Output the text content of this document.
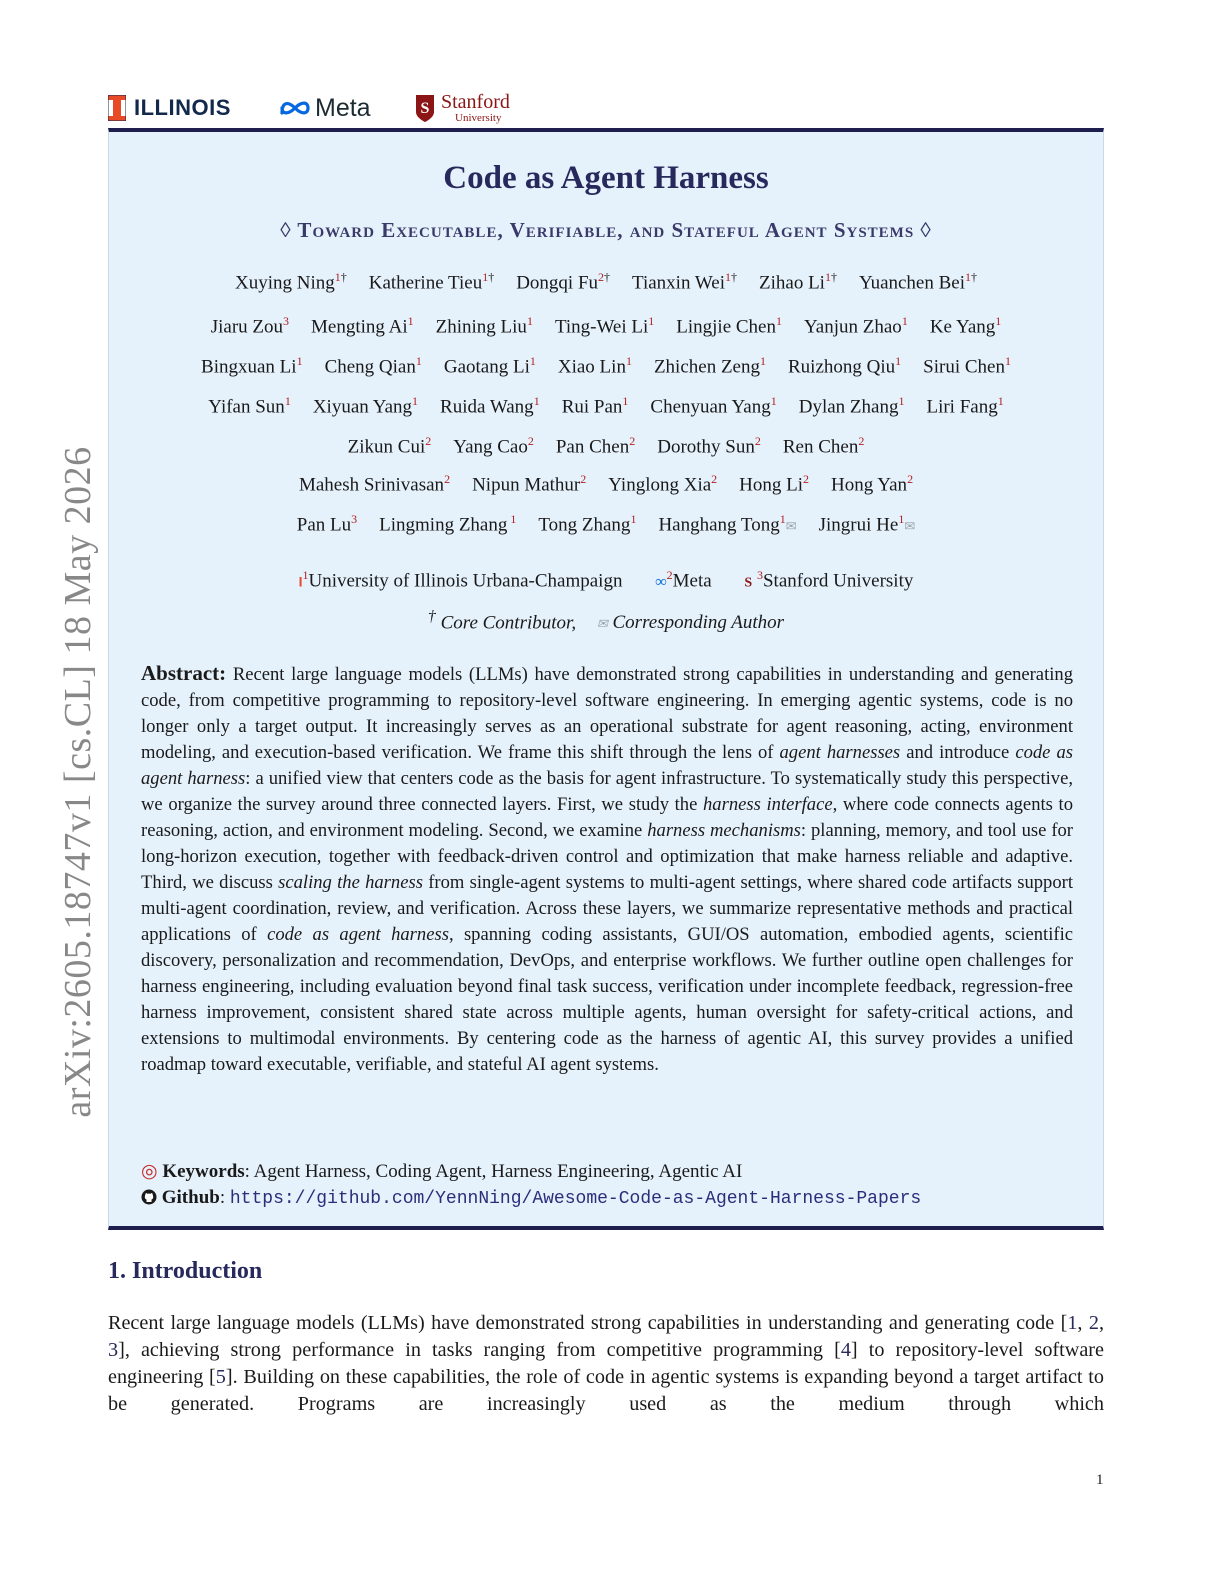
arXiv:2605.18747v1 [cs.CL] 18 May 2026
ILLINOIS	Meta	S Stanford
University
Code as Agent Harness
◊ Toward Executable, Verifiable, and Stateful Agent Systems ◊
Xuying Ning$^{1\dagger}$ Katherine Tieu$^{1\dagger}$ Dongqi $Fu^{2\dagger}$ Tianxin Wei$^{1\dagger}$ Zihao $Li^{1\dagger}$ Yuanchen Bei$^{1\dagger}$
Jiaru Zou$^3$ Mengting Ai$^1$ Zhining Liu$^1$ Ting-Wei Li$^1$ Lingjie Chen$^1$ Yanjun Zhao$^1$ Ke Yang$^1$
Bingxuan Li$^1$ Cheng Qian$^1$ Gaotang Li$^1$ Xiao Lin$^1$ Zhichen Zeng$^1$ Ruizhong Qiu$^1$ Sirui Chen$^1$
Yifan Sun$^1$ Xiyuan Yang$^1$ Ruida Wang$^1$ Rui Pan$^1$ Chenyuan Yang$^1$ Dylan Zhang$^1$ Liri Fang$^1$
Zikun Cui$^2$ Yang Cao$^2$ Pan Chen$^2$ Dorothy Sun$^2$ Ren Chen$^2$
Mahesh Srinivasan$^2$ Nipun Mathur$^2$ Yinglong Xia$^2$ Hong Li$^2$ Hong Yan$^2$
Pan Lu$^3$ Lingming Zhang $^1$ Tong Zhang$^1$ Hanghang Tong$^1$✉ Jingrui He$^1$✉
$I^1University$ of Illinois Urbana-Champaign ∞$^2$Meta S $^3$Stanford University
† Core Contributor, ✉ Corresponding Author
Abstract: Recent large language models (LLMs) have demonstrated strong capabilities in understanding and generating code, from competitive programming to repository-level software engineering. In emerging agentic systems, code is no longer only a target output. It increasingly serves as an operational substrate for agent reasoning, acting, environment modeling, and execution-based verification. We frame this shift through the lens of agent harnesses and introduce code as agent harness: a unified view that centers code as the basis for agent infrastructure. To systematically study this perspective, we organize the survey around three connected layers. First, we study the harness interface, where code connects agents to reasoning, action, and environment modeling. Second, we examine harness mechanisms: planning, memory, and tool use for long-horizon execution, together with feedback-driven control and optimization that make harness reliable and adaptive. Third, we discuss scaling the harness from single-agent systems to multi-agent settings, where shared code artifacts support multi-agent coordination, review, and verification. Across these layers, we summarize representative methods and practical applications of code as agent harness, spanning coding assistants, GUI/OS automation, embodied agents, scientific discovery, personalization and recommendation, DevOps, and enterprise workflows. We further outline open challenges for harness engineering, including evaluation beyond final task success, verification under incomplete feedback, regression-free harness improvement, consistent shared state across multiple agents, human oversight for safety-critical actions, and extensions to multimodal environments. By centering code as the harness of agentic AI, this survey provides a unified roadmap toward executable, verifiable, and stateful AI agent systems.
◎ Keywords: Agent Harness, Coding Agent, Harness Engineering, Agentic AI
Github: https://github.com/YennNing/Awesome-Code-as-Agent-Harness-Papers
1. Introduction
Recent large language models (LLMs) have demonstrated strong capabilities in understanding and generating code [1, 2, 3], achieving strong performance in tasks ranging from competitive programming [4] to repository-level software engineering [5]. Building on these capabilities, the role of code in agentic systems is expanding beyond a target artifact to be generated. Programs are increasingly used as the medium through which
1
